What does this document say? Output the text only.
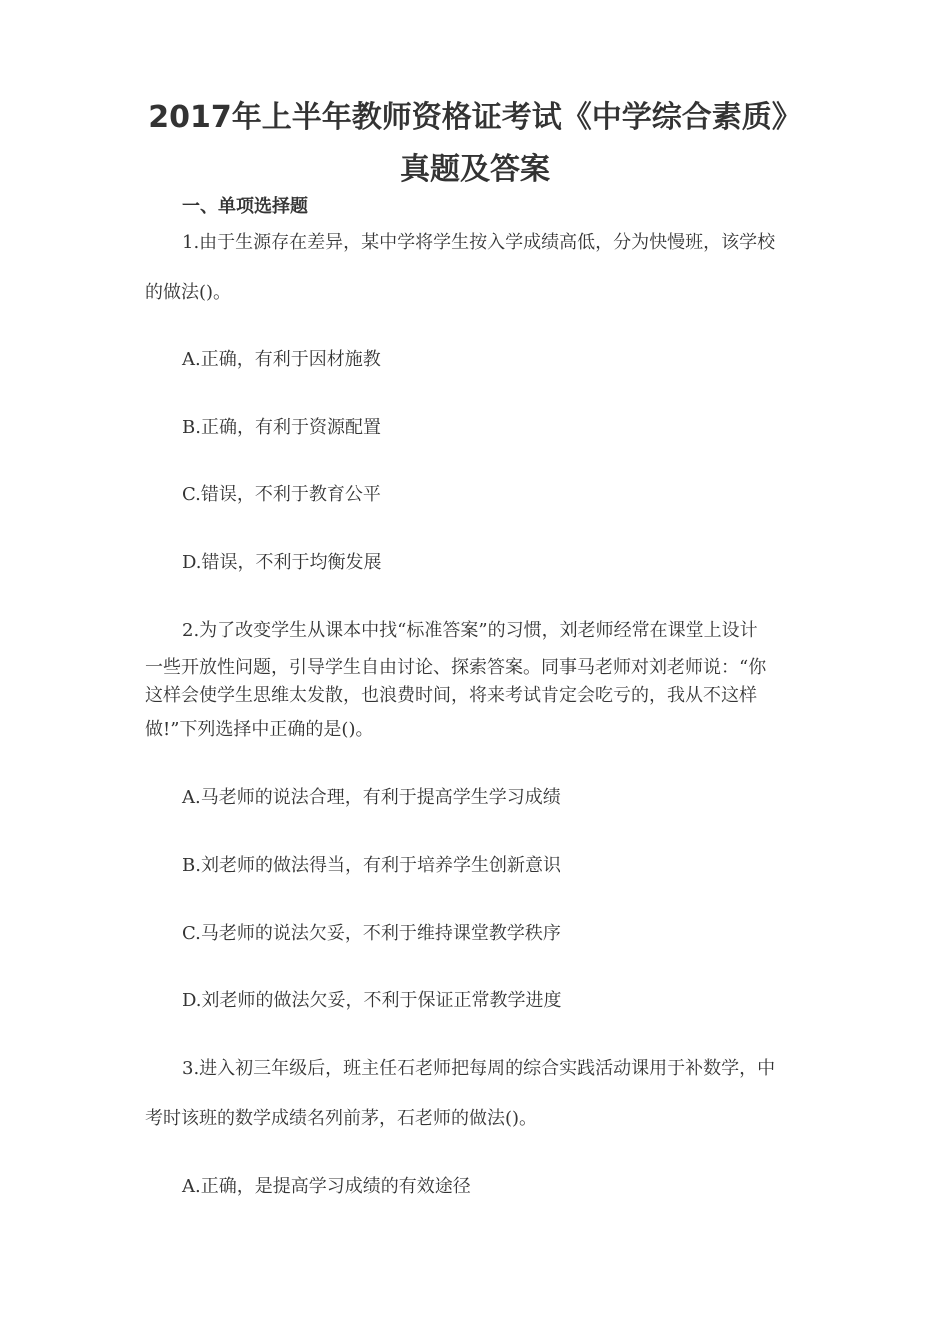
2017年上半年教师资格证考试《中学综合素质》
真题及答案
一、单项选择题
1.由于生源存在差异，某中学将学生按入学成绩高低，分为快慢班，该学校
的做法()。
A.正确，有利于因材施教
B.正确，有利于资源配置
C.错误，不利于教育公平
D.错误，不利于均衡发展
2.为了改变学生从课本中找“标准答案”的习惯，刘老师经常在课堂上设计
一些开放性问题，引导学生自由讨论、探索答案。同事马老师对刘老师说：“你
这样会使学生思维太发散，也浪费时间，将来考试肯定会吃亏的，我从不这样
做!”下列选择中正确的是()。
A.马老师的说法合理，有利于提高学生学习成绩
B.刘老师的做法得当，有利于培养学生创新意识
C.马老师的说法欠妥，不利于维持课堂教学秩序
D.刘老师的做法欠妥，不利于保证正常教学进度
3.进入初三年级后，班主任石老师把每周的综合实践活动课用于补数学，中
考时该班的数学成绩名列前茅，石老师的做法()。
A.正确，是提高学习成绩的有效途径
